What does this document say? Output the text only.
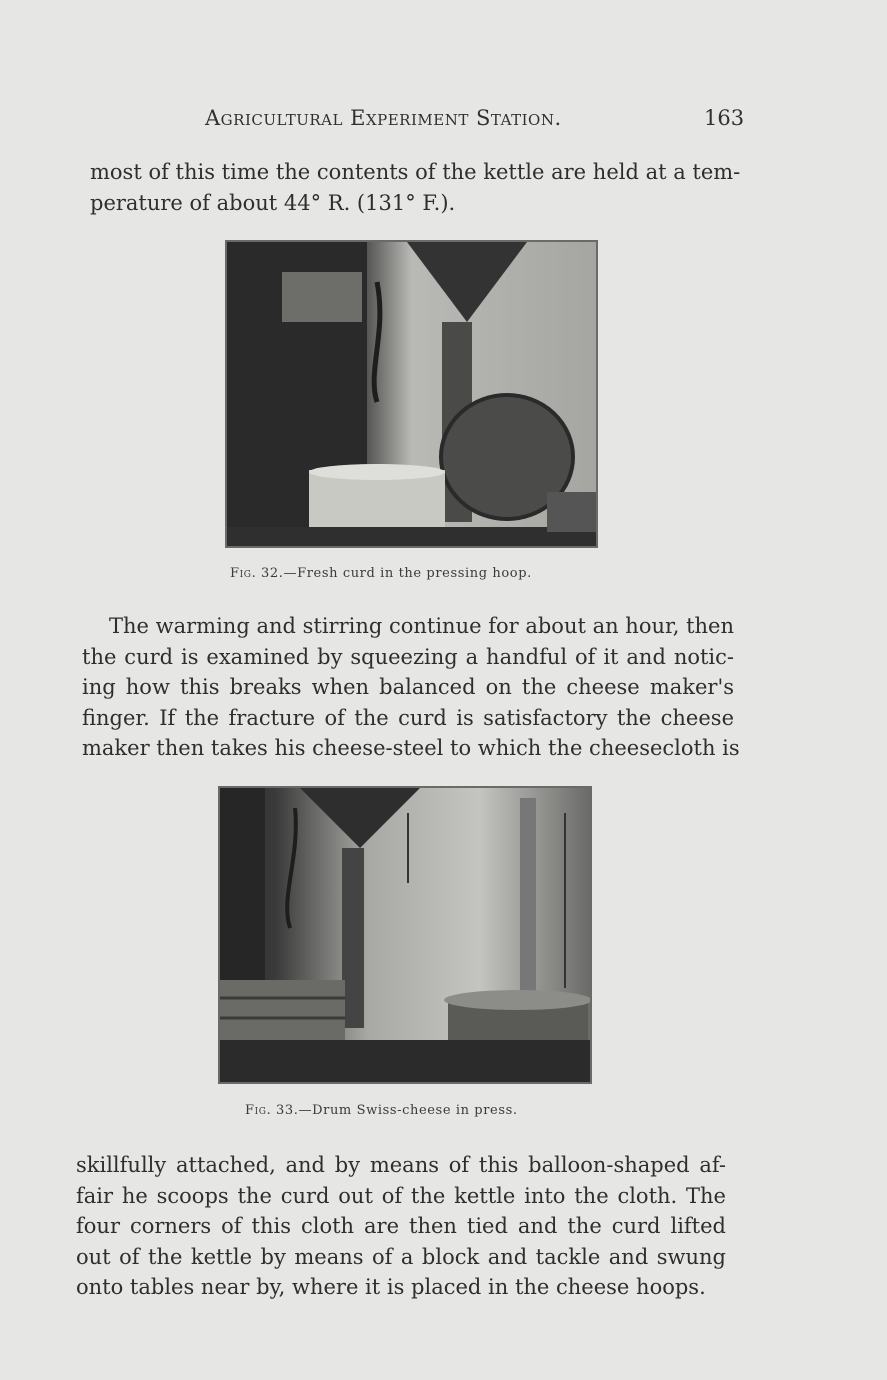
Agricultural Experiment Station.	163
most of this time the contents of the kettle are held at a tem-
perature of about 44° R. (131° F.).
Fig. 32.—Fresh curd in the pressing hoop.
The warming and stirring continue for about an hour, then
the curd is examined by squeezing a handful of it and notic-
ing how this breaks when balanced on the cheese maker's
finger. If the fracture of the curd is satisfactory the cheese
maker then takes his cheese-steel to which the cheesecloth is
Fig. 33.—Drum Swiss-cheese in press.
skillfully attached, and by means of this balloon-shaped af-
fair he scoops the curd out of the kettle into the cloth. The
four corners of this cloth are then tied and the curd lifted
out of the kettle by means of a block and tackle and swung
onto tables near by, where it is placed in the cheese hoops.
